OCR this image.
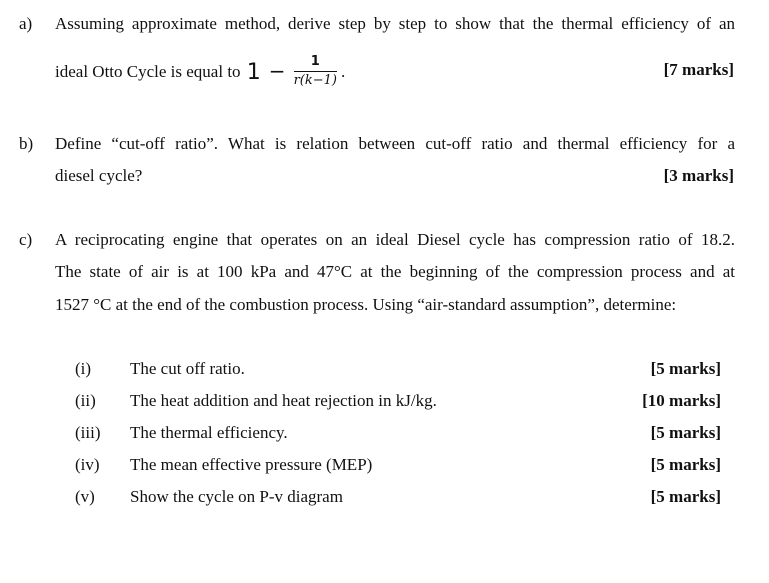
a) Assuming approximate method, derive step by step to show that the thermal efficiency of an
ideal Otto Cycle is equal to $1 - \frac{1}{r(k-1)}$ .	[7 marks]
b) Define “cut-off ratio”. What is relation between cut-off ratio and thermal efficiency for a
diesel cycle?	[3 marks]
c) A reciprocating engine that operates on an ideal Diesel cycle has compression ratio of 18.2.
The state of air is at 100 kPa and 47°C at the beginning of the compression process and at
1527 °C at the end of the combustion process. Using “air-standard assumption”, determine:
(i) The cut off ratio.	[5 marks]
(ii) The heat addition and heat rejection in kJ/kg.	[10 marks]
(iii) The thermal efficiency.	[5 marks]
(iv) The mean effective pressure (MEP)	[5 marks]
(v) Show the cycle on P-v diagram	[5 marks]
